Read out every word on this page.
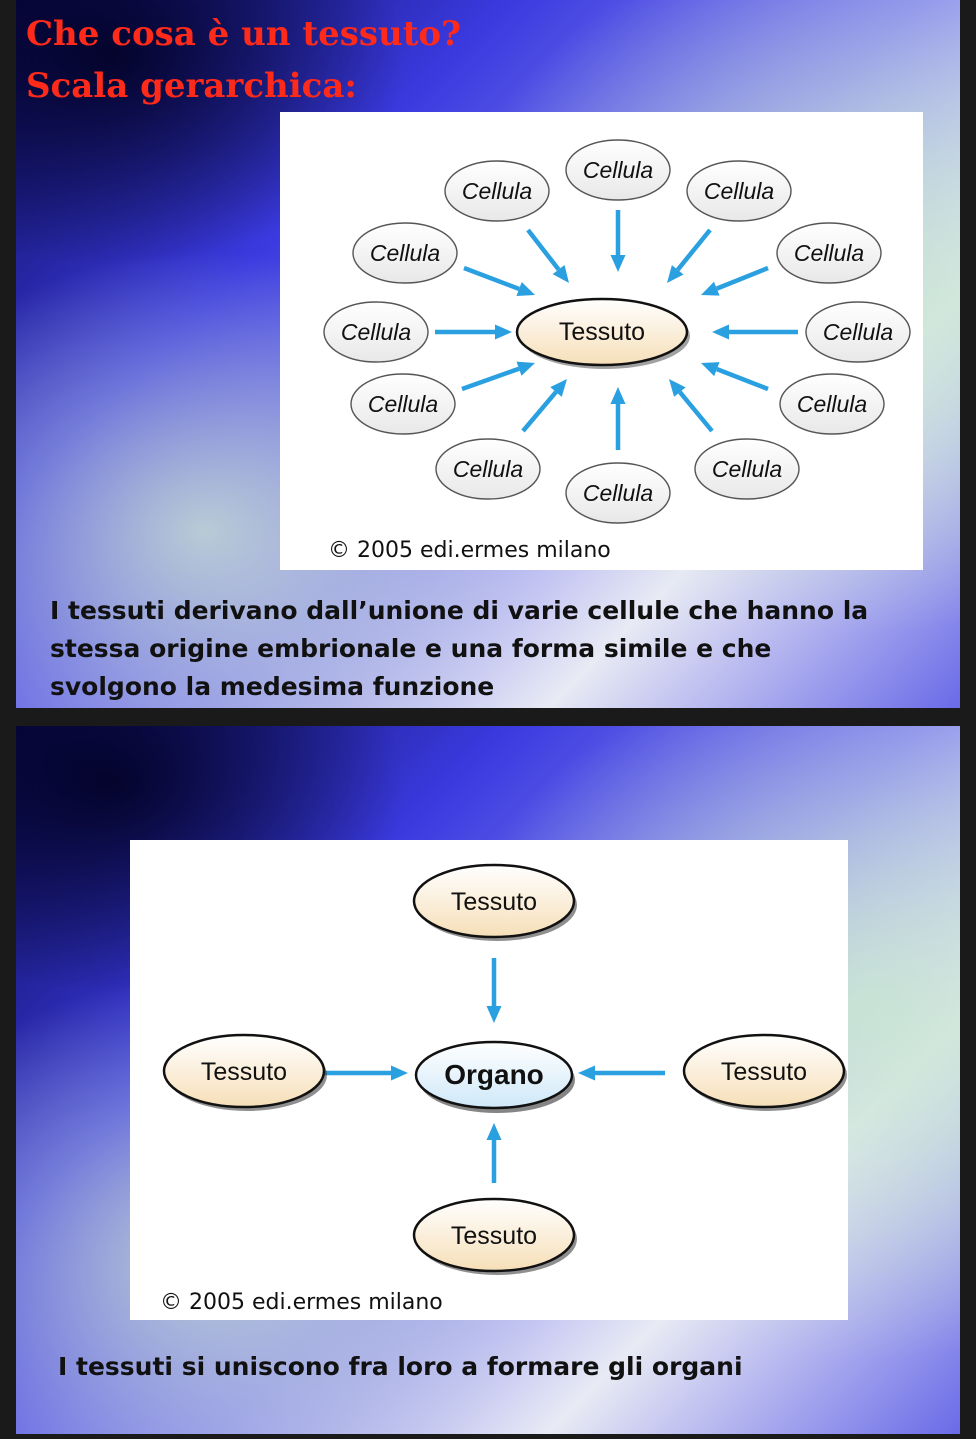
Che cosa è un tessuto?
Scala gerarchica:
Cellula
Cellula	Cellula
Cellula	Cellula
Cellula	Cellula
Cellula	Cellula
Cellula	Cellula
Cellula
Tessuto
© 2005 edi.ermes milano
I tessuti derivano dall’unione di varie cellule che hanno la
stessa origine embrionale e una forma simile e che
svolgono la medesima funzione
Tessuto
Tessuto	Tessuto
Tessuto
Organo
© 2005 edi.ermes milano
I tessuti si uniscono fra loro a formare gli organi
